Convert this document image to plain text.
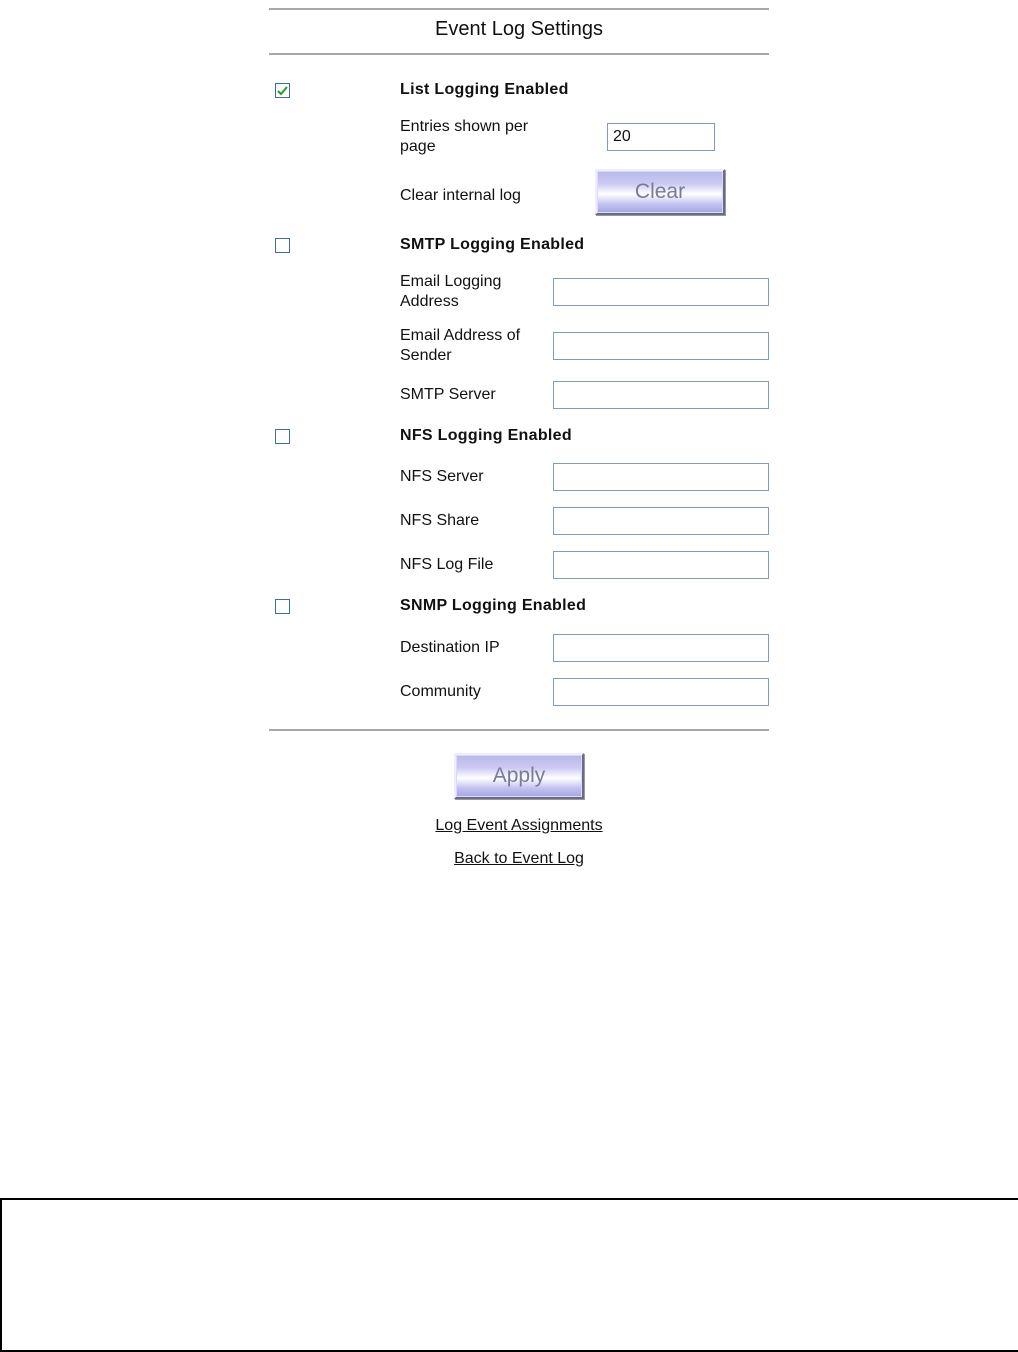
Event Log Settings
List Logging Enabled
Entries shown per page
20
Clear internal log	Clear
SMTP Logging Enabled
Email Logging Address
Email Address of Sender
SMTP Server
NFS Logging Enabled
NFS Server
NFS Share
NFS Log File
SNMP Logging Enabled
Destination IP
Community
Apply
Log Event Assignments
Back to Event Log
